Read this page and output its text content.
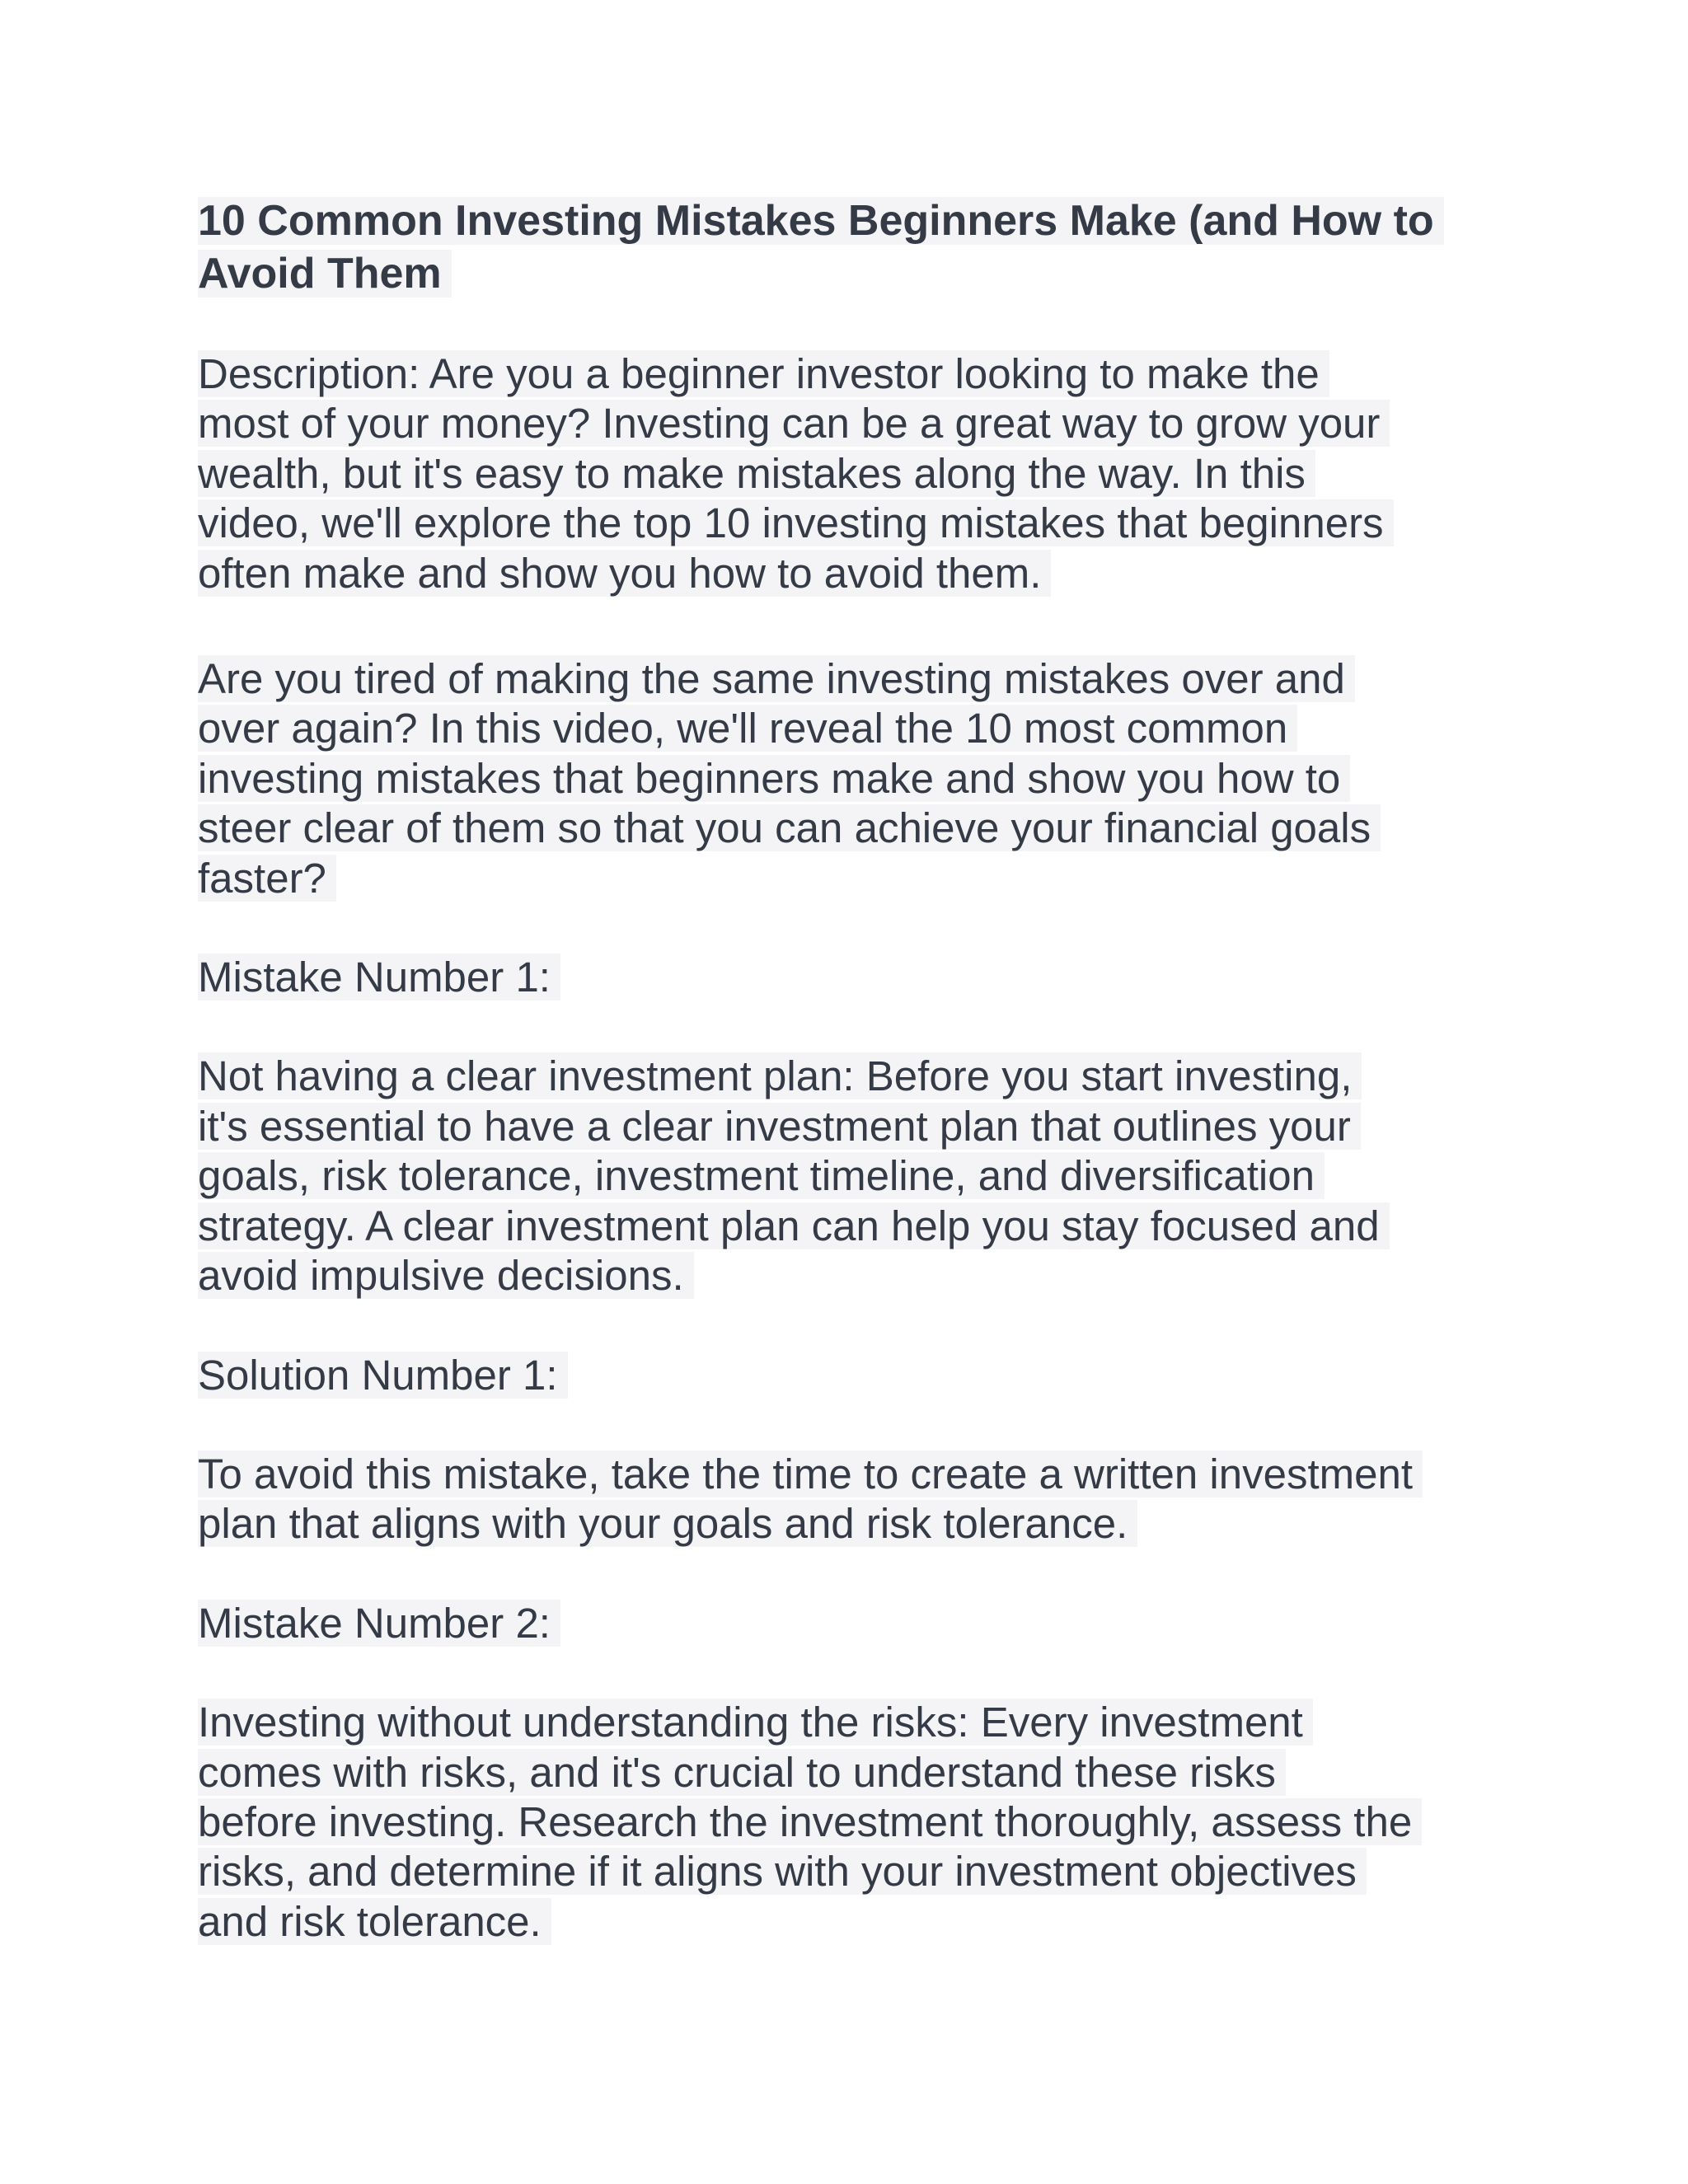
10 Common Investing Mistakes Beginners Make (and How to
Avoid Them
Description: Are you a beginner investor looking to make the
most of your money? Investing can be a great way to grow your
wealth, but it's easy to make mistakes along the way. In this
video, we'll explore the top 10 investing mistakes that beginners
often make and show you how to avoid them.
Are you tired of making the same investing mistakes over and
over again? In this video, we'll reveal the 10 most common
investing mistakes that beginners make and show you how to
steer clear of them so that you can achieve your financial goals
faster?
Mistake Number 1:
Not having a clear investment plan: Before you start investing,
it's essential to have a clear investment plan that outlines your
goals, risk tolerance, investment timeline, and diversification
strategy. A clear investment plan can help you stay focused and
avoid impulsive decisions.
Solution Number 1:
To avoid this mistake, take the time to create a written investment
plan that aligns with your goals and risk tolerance.
Mistake Number 2:
Investing without understanding the risks: Every investment
comes with risks, and it's crucial to understand these risks
before investing. Research the investment thoroughly, assess the
risks, and determine if it aligns with your investment objectives
and risk tolerance.
